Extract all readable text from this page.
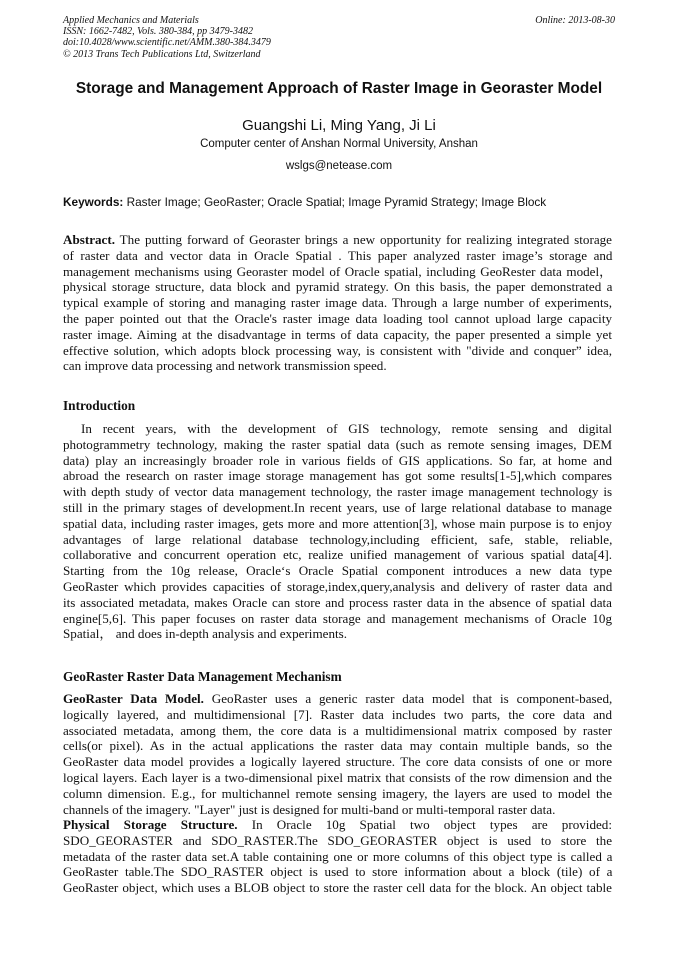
Applied Mechanics and Materials
ISSN: 1662-7482, Vols. 380-384, pp 3479-3482
doi:10.4028/www.scientific.net/AMM.380-384.3479
© 2013 Trans Tech Publications Ltd, Switzerland
Online: 2013-08-30
Storage and Management Approach of Raster Image in Georaster Model
Guangshi Li, Ming Yang, Ji Li
Computer center of Anshan Normal University, Anshan
wslgs@netease.com
Keywords: Raster Image; GeoRaster; Oracle Spatial; Image Pyramid Strategy; Image Block
Abstract. The putting forward of Georaster brings a new opportunity for realizing integrated storage
of raster data and vector data in Oracle Spatial . This paper analyzed raster image’s storage and
management mechanisms using Georaster model of Oracle spatial, including GeoRester data model，
physical storage structure, data block and pyramid strategy. On this basis, the paper demonstrated a
typical example of storing and managing raster image data. Through a large number of experiments,
the paper pointed out that the Oracle's raster image data loading tool cannot upload large capacity
raster image. Aiming at the disadvantage in terms of data capacity, the paper presented a simple yet
effective solution, which adopts block processing way, is consistent with "divide and conquer” idea,
can improve data processing and network transmission speed.
Introduction
In recent years, with the development of GIS technology, remote sensing and digital
photogrammetry technology, making the raster spatial data (such as remote sensing images, DEM
data) play an increasingly broader role in various fields of GIS applications. So far, at home and
abroad the research on raster image storage management has got some results[1-5],which compares
with depth study of vector data management technology, the raster image management technology is
still in the primary stages of development.In recent years, use of large relational database to manage
spatial data, including raster images, gets more and more attention[3], whose main purpose is to enjoy
advantages of large relational database technology,including efficient, safe, stable, reliable,
collaborative and concurrent operation etc, realize unified management of various spatial data[4].
Starting from the 10g release, Oracle‘s Oracle Spatial component introduces a new data type
GeoRaster which provides capacities of storage,index,query,analysis and delivery of raster data and
its associated metadata, makes Oracle can store and process raster data in the absence of spatial data
engine[5,6]. This paper focuses on raster data storage and management mechanisms of Oracle 10g
Spatial， and does in-depth analysis and experiments.
GeoRaster Raster Data Management Mechanism
GeoRaster Data Model. GeoRaster uses a generic raster data model that is component-based,
logically layered, and multidimensional [7]. Raster data includes two parts, the core data and
associated metadata, among them, the core data is a multidimensional matrix composed by raster
cells(or pixel). As in the actual applications the raster data may contain multiple bands, so the
GeoRaster data model provides a logically layered structure. The core data consists of one or more
logical layers. Each layer is a two-dimensional pixel matrix that consists of the row dimension and the
column dimension. E.g., for multichannel remote sensing imagery, the layers are used to model the
channels of the imagery. "Layer" just is designed for multi-band or multi-temporal raster data.
Physical Storage Structure. In Oracle 10g Spatial two object types are provided:
SDO_GEORASTER and SDO_RASTER.The SDO_GEORASTER object is used to store the
metadata of the raster data set.A table containing one or more columns of this object type is called a
GeoRaster table.The SDO_RASTER object is used to store information about a block (tile) of a
GeoRaster object, which uses a BLOB object to store the raster cell data for the block. An object table
